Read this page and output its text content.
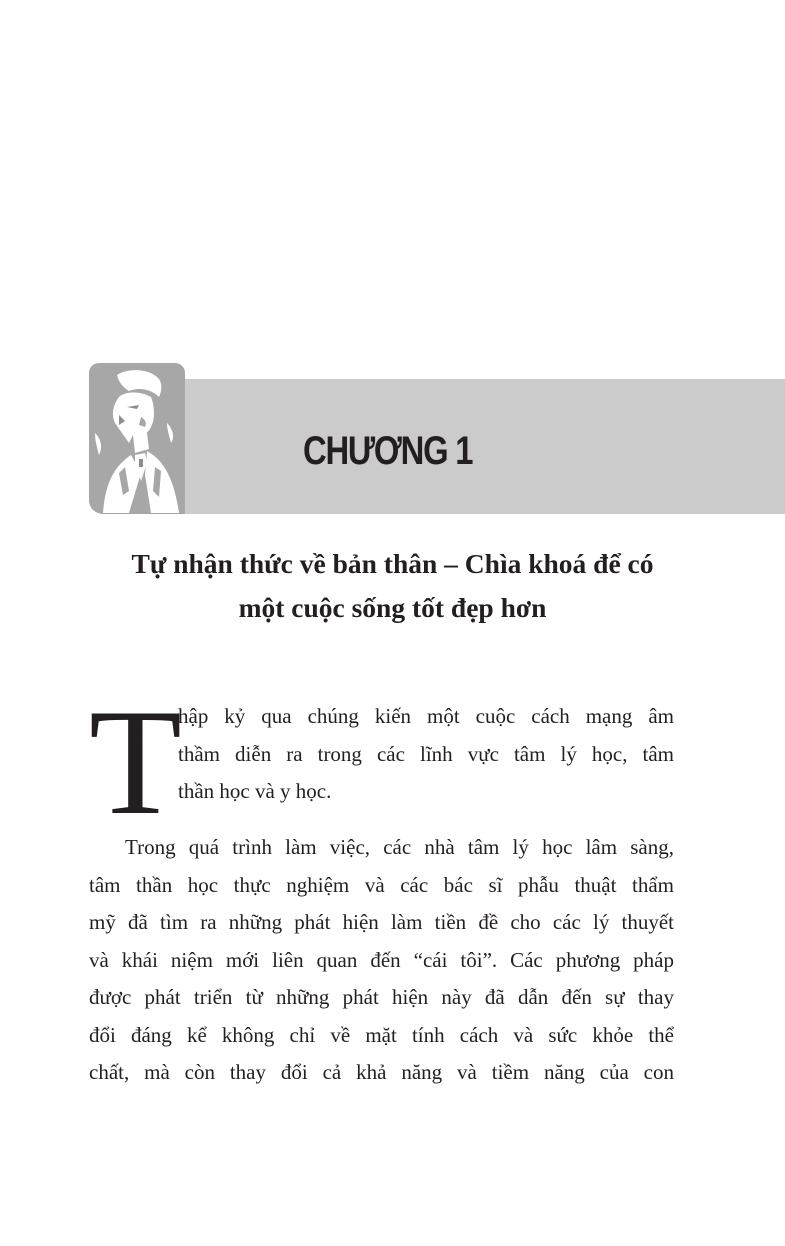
CHƯƠNG 1
Tự nhận thức về bản thân – Chìa khoá để có
một cuộc sống tốt đẹp hơn
T

hập kỷ qua chúng kiến một cuộc cách mạng âm
thầm diễn ra trong các lĩnh vực tâm lý học, tâm
thần học và y học.

Trong quá trình làm việc, các nhà tâm lý học lâm sàng,
tâm thần học thực nghiệm và các bác sĩ phẫu thuật thẩm
mỹ đã tìm ra những phát hiện làm tiền đề cho các lý thuyết
và khái niệm mới liên quan đến “cái tôi”. Các phương pháp
được phát triển từ những phát hiện này đã dẫn đến sự thay
đổi đáng kể không chỉ về mặt tính cách và sức khỏe thể
chất, mà còn thay đổi cả khả năng và tiềm năng của con
